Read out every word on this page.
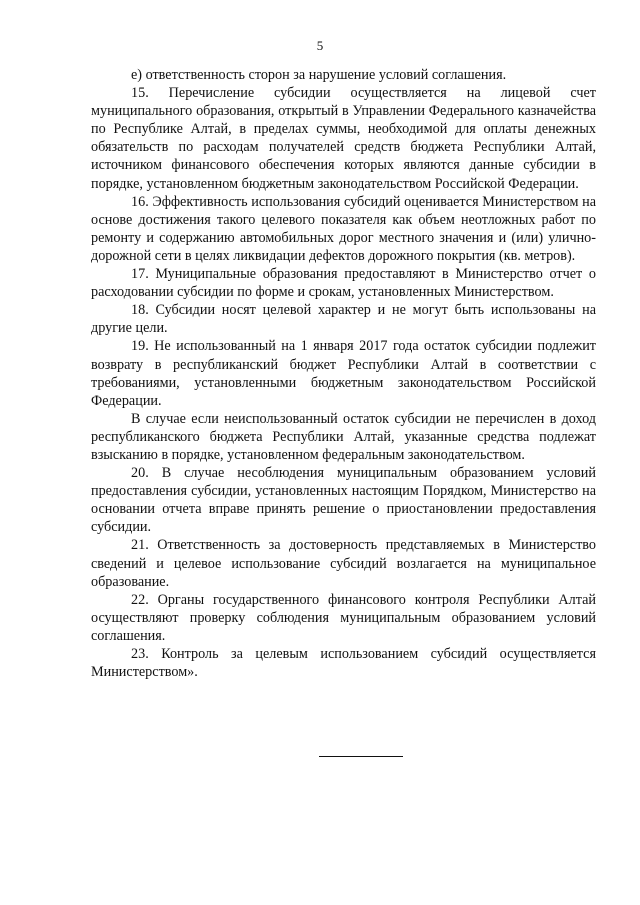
5

е) ответственность сторон за нарушение условий соглашения.

15. Перечисление субсидии осуществляется на лицевой счет муниципального образования, открытый в Управлении Федерального казначейства по Республике Алтай, в пределах суммы, необходимой для оплаты денежных обязательств по расходам получателей средств бюджета Республики Алтай, источником финансового обеспечения которых являются данные субсидии в порядке, установленном бюджетным законодательством Российской Федерации.

16. Эффективность использования субсидий оценивается Министерством на основе достижения такого целевого показателя как объем неотложных работ по ремонту и содержанию автомобильных дорог местного значения и (или) улично-дорожной сети в целях ликвидации дефектов дорожного покрытия (кв. метров).

17. Муниципальные образования предоставляют в Министерство отчет о расходовании субсидии по форме и срокам, установленных Министерством.

18. Субсидии носят целевой характер и не могут быть использованы на другие цели.

19. Не использованный на 1 января 2017 года остаток субсидии подлежит возврату в республиканский бюджет Республики Алтай в соответствии с требованиями, установленными бюджетным законодательством Российской Федерации.

В случае если неиспользованный остаток субсидии не перечислен в доход республиканского бюджета Республики Алтай, указанные средства подлежат взысканию в порядке, установленном федеральным законодательством.

20. В случае несоблюдения муниципальным образованием условий предоставления субсидии, установленных настоящим Порядком, Министерство на основании отчета вправе принять решение о приостановлении предоставления субсидии.

21. Ответственность за достоверность представляемых в Министерство сведений и целевое использование субсидий возлагается на муниципальное образование.

22. Органы государственного финансового контроля Республики Алтай осуществляют проверку соблюдения муниципальным образованием условий соглашения.

23. Контроль за целевым использованием субсидий осуществляется Министерством».
